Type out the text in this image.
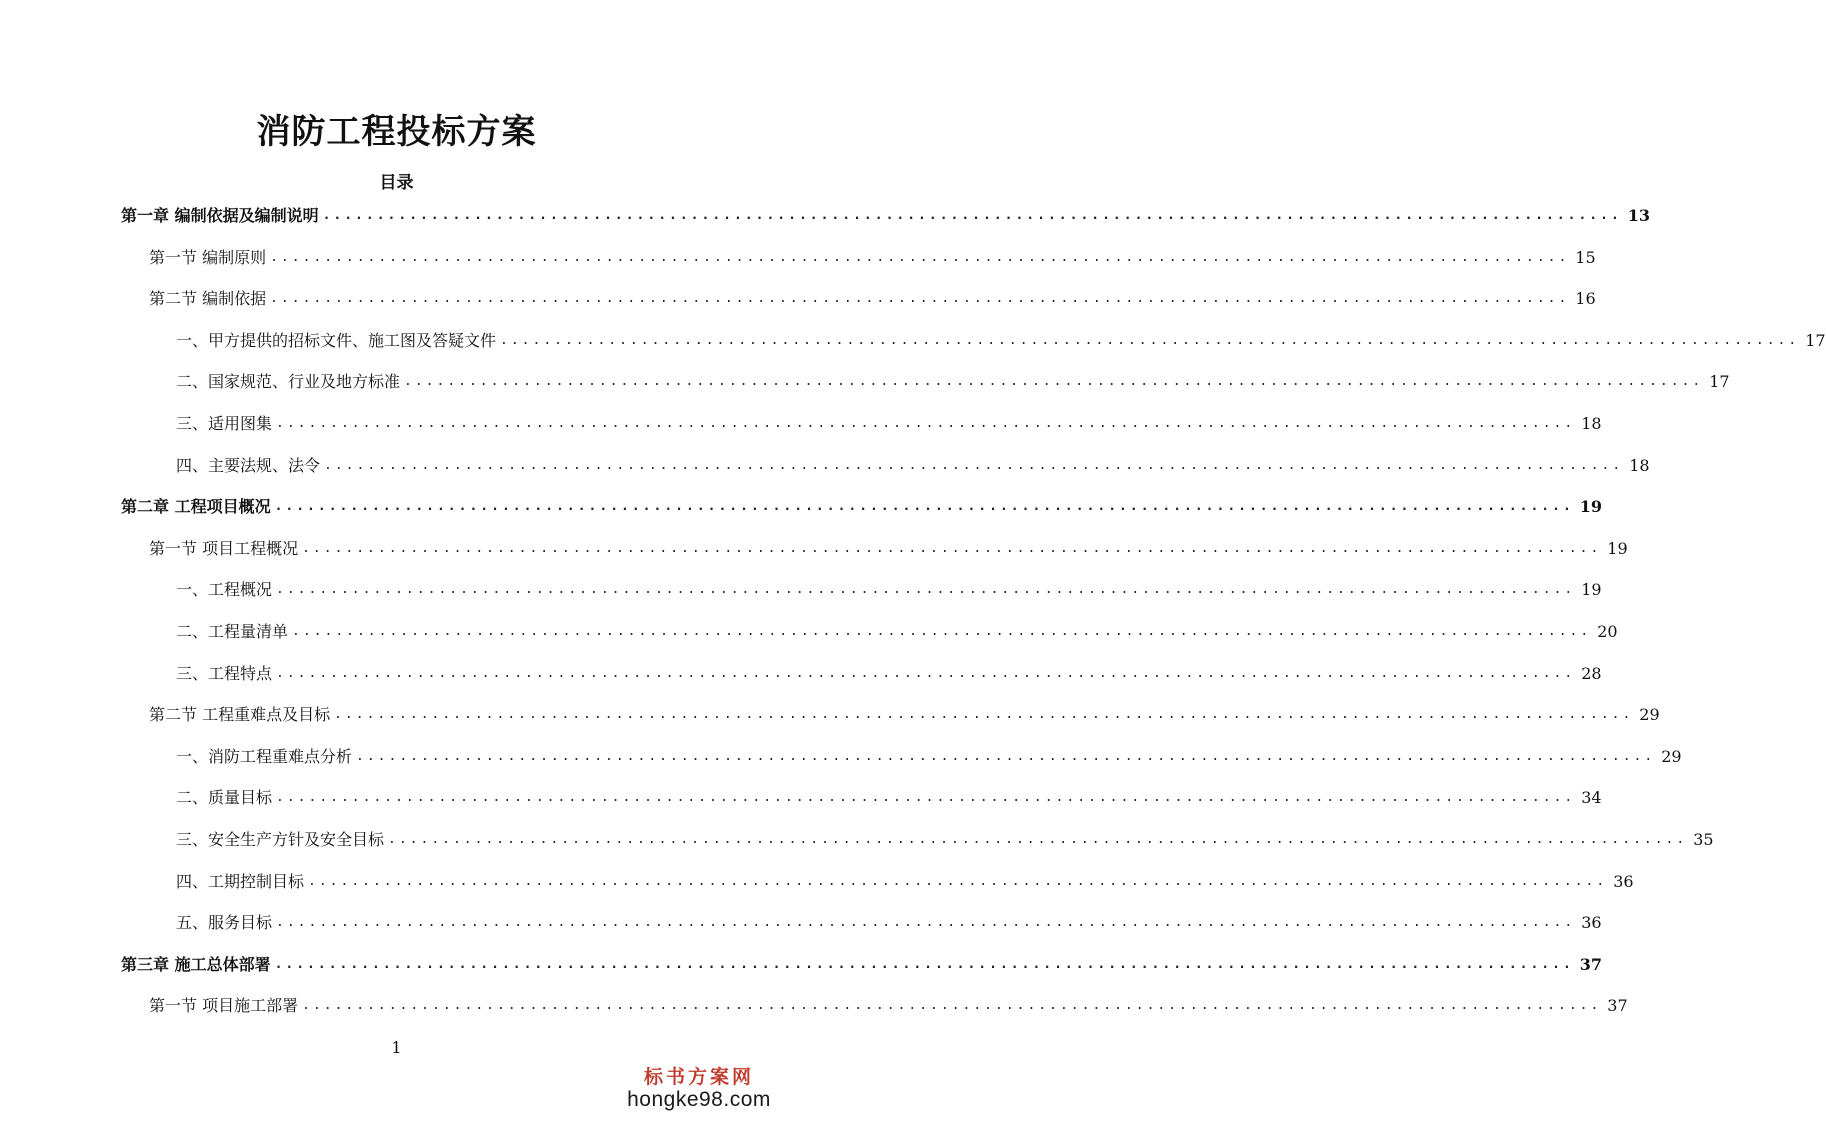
消防工程投标方案
目录
第一章 编制依据及编制说明 ........................................................................................................................ 13
第一节 编制原则 ........................................................................................................................ 15
第二节 编制依据 ........................................................................................................................ 16
一、甲方提供的招标文件、施工图及答疑文件 ........................................................................................................................ 17
二、国家规范、行业及地方标准 ........................................................................................................................ 17
三、适用图集 ........................................................................................................................ 18
四、主要法规、法令 ........................................................................................................................ 18
第二章 工程项目概况 ........................................................................................................................ 19
第一节 项目工程概况 ........................................................................................................................ 19
一、工程概况 ........................................................................................................................ 19
二、工程量清单 ........................................................................................................................ 20
三、工程特点 ........................................................................................................................ 28
第二节 工程重难点及目标 ........................................................................................................................ 29
一、消防工程重难点分析 ........................................................................................................................ 29
二、质量目标 ........................................................................................................................ 34
三、安全生产方针及安全目标 ........................................................................................................................ 35
四、工期控制目标 ........................................................................................................................ 36
五、服务目标 ........................................................................................................................ 36
第三章 施工总体部署 ........................................................................................................................ 37
第一节 项目施工部署 ........................................................................................................................ 37
1
标书方案网
hongke98.com
